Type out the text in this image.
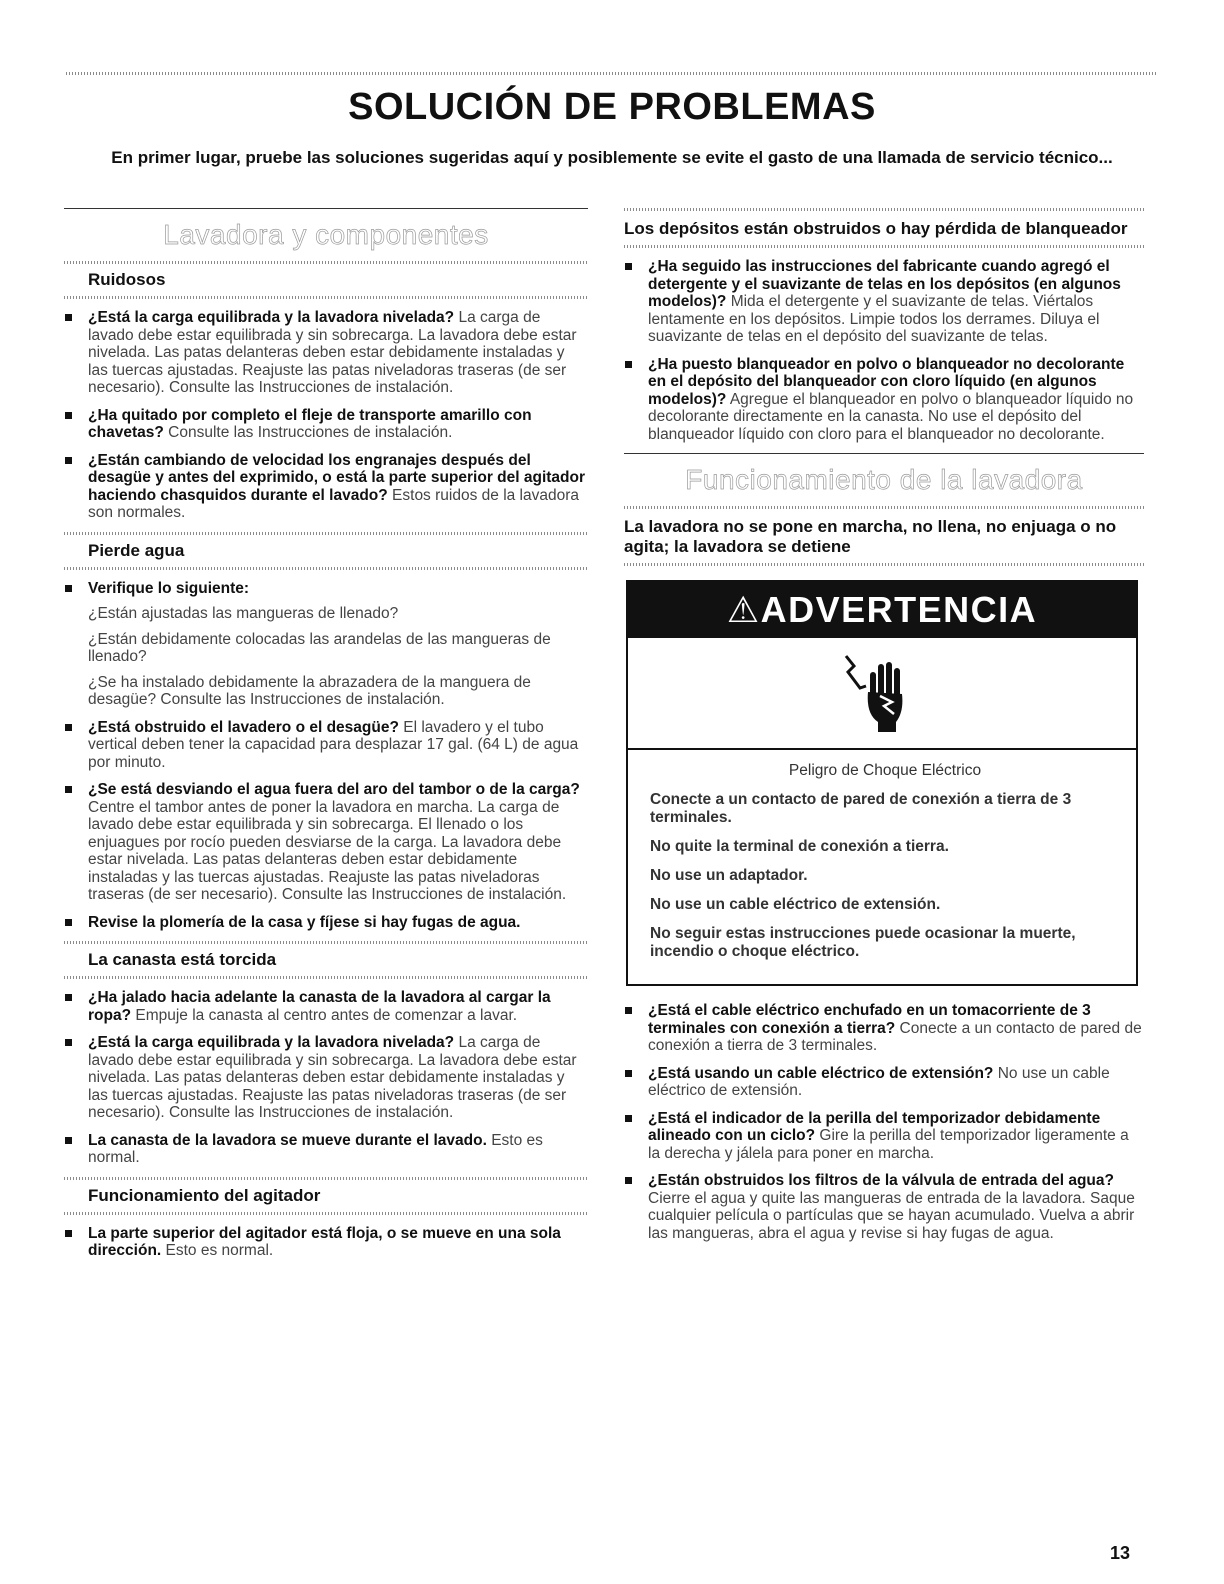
SOLUCIÓN DE PROBLEMAS

En primer lugar, pruebe las soluciones sugeridas aquí y posiblemente se evite el gasto de una llamada de servicio técnico...

Lavadora y componentes
Ruidosos
¿Está la carga equilibrada y la lavadora nivelada? La carga de lavado debe estar equilibrada y sin sobrecarga. La lavadora debe estar nivelada. Las patas delanteras deben estar debidamente instaladas y las tuercas ajustadas. Reajuste las patas niveladoras traseras (de ser necesario). Consulte las Instrucciones de instalación.
¿Ha quitado por completo el fleje de transporte amarillo con chavetas? Consulte las Instrucciones de instalación.
¿Están cambiando de velocidad los engranajes después del desagüe y antes del exprimido, o está la parte superior del agitador haciendo chasquidos durante el lavado? Estos ruidos de la lavadora son normales.
Pierde agua
Verifique lo siguiente:
¿Están ajustadas las mangueras de llenado?
¿Están debidamente colocadas las arandelas de las mangueras de llenado?
¿Se ha instalado debidamente la abrazadera de la manguera de desagüe? Consulte las Instrucciones de instalación.
¿Está obstruido el lavadero o el desagüe? El lavadero y el tubo vertical deben tener la capacidad para desplazar 17 gal. (64 L) de agua por minuto.
¿Se está desviando el agua fuera del aro del tambor o de la carga? Centre el tambor antes de poner la lavadora en marcha. La carga de lavado debe estar equilibrada y sin sobrecarga. El llenado o los enjuagues por rocío pueden desviarse de la carga. La lavadora debe estar nivelada. Las patas delanteras deben estar debidamente instaladas y las tuercas ajustadas. Reajuste las patas niveladoras traseras (de ser necesario). Consulte las Instrucciones de instalación.
Revise la plomería de la casa y fíjese si hay fugas de agua.
La canasta está torcida
¿Ha jalado hacia adelante la canasta de la lavadora al cargar la ropa? Empuje la canasta al centro antes de comenzar a lavar.
¿Está la carga equilibrada y la lavadora nivelada? La carga de lavado debe estar equilibrada y sin sobrecarga. La lavadora debe estar nivelada. Las patas delanteras deben estar debidamente instaladas y las tuercas ajustadas. Reajuste las patas niveladoras traseras (de ser necesario). Consulte las Instrucciones de instalación.
La canasta de la lavadora se mueve durante el lavado. Esto es normal.
Funcionamiento del agitador
La parte superior del agitador está floja, o se mueve en una sola dirección. Esto es normal.
Los depósitos están obstruidos o hay pérdida de blanqueador
¿Ha seguido las instrucciones del fabricante cuando agregó el detergente y el suavizante de telas en los depósitos (en algunos modelos)? Mida el detergente y el suavizante de telas. Viértalos lentamente en los depósitos. Limpie todos los derrames. Diluya el suavizante de telas en el depósito del suavizante de telas.
¿Ha puesto blanqueador en polvo o blanqueador no decolorante en el depósito del blanqueador con cloro líquido (en algunos modelos)? Agregue el blanqueador en polvo o blanqueador líquido no decolorante directamente en la canasta. No use el depósito del blanqueador líquido con cloro para el blanqueador no decolorante.
Funcionamiento de la lavadora
La lavadora no se pone en marcha, no llena, no enjuaga o no agita; la lavadora se detiene
⚠ADVERTENCIA

Peligro de Choque Eléctrico

Conecte a un contacto de pared de conexión a tierra de 3 terminales.

No quite la terminal de conexión a tierra.

No use un adaptador.

No use un cable eléctrico de extensión.

No seguir estas instrucciones puede ocasionar la muerte, incendio o choque eléctrico.

¿Está el cable eléctrico enchufado en un tomacorriente de 3 terminales con conexión a tierra? Conecte a un contacto de pared de conexión a tierra de 3 terminales.
¿Está usando un cable eléctrico de extensión? No use un cable eléctrico de extensión.
¿Está el indicador de la perilla del temporizador debidamente alineado con un ciclo? Gire la perilla del temporizador ligeramente a la derecha y jálela para poner en marcha.
¿Están obstruidos los filtros de la válvula de entrada del agua? Cierre el agua y quite las mangueras de entrada de la lavadora. Saque cualquier película o partículas que se hayan acumulado. Vuelva a abrir las mangueras, abra el agua y revise si hay fugas de agua.
13
